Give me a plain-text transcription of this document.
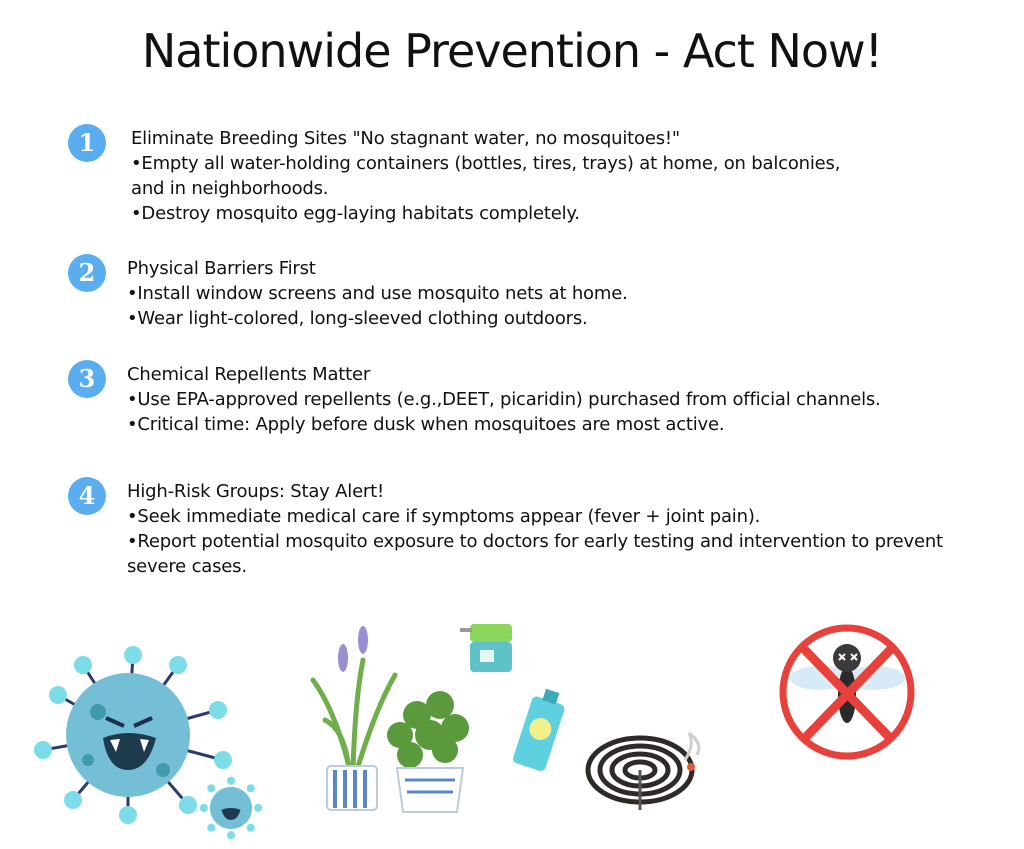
Nationwide Prevention - Act Now!
1	Eliminate Breeding Sites "No stagnant water, no mosquitoes!"

•Empty all water-holding containers (bottles, tires, trays) at home, on balconies,

and in neighborhoods.

•Destroy mosquito egg-laying habitats completely.

2	Physical Barriers First

•Install window screens and use mosquito nets at home.

•Wear light-colored, long-sleeved clothing outdoors.

3	Chemical Repellents Matter

•Use EPA-approved repellents (e.g.,DEET, picaridin) purchased from official channels.

•Critical time: Apply before dusk when mosquitoes are most active.

4	High-Risk Groups: Stay Alert!

•Seek immediate medical care if symptoms appear (fever + joint pain).

•Report potential mosquito exposure to doctors for early testing and intervention to prevent

severe cases.
